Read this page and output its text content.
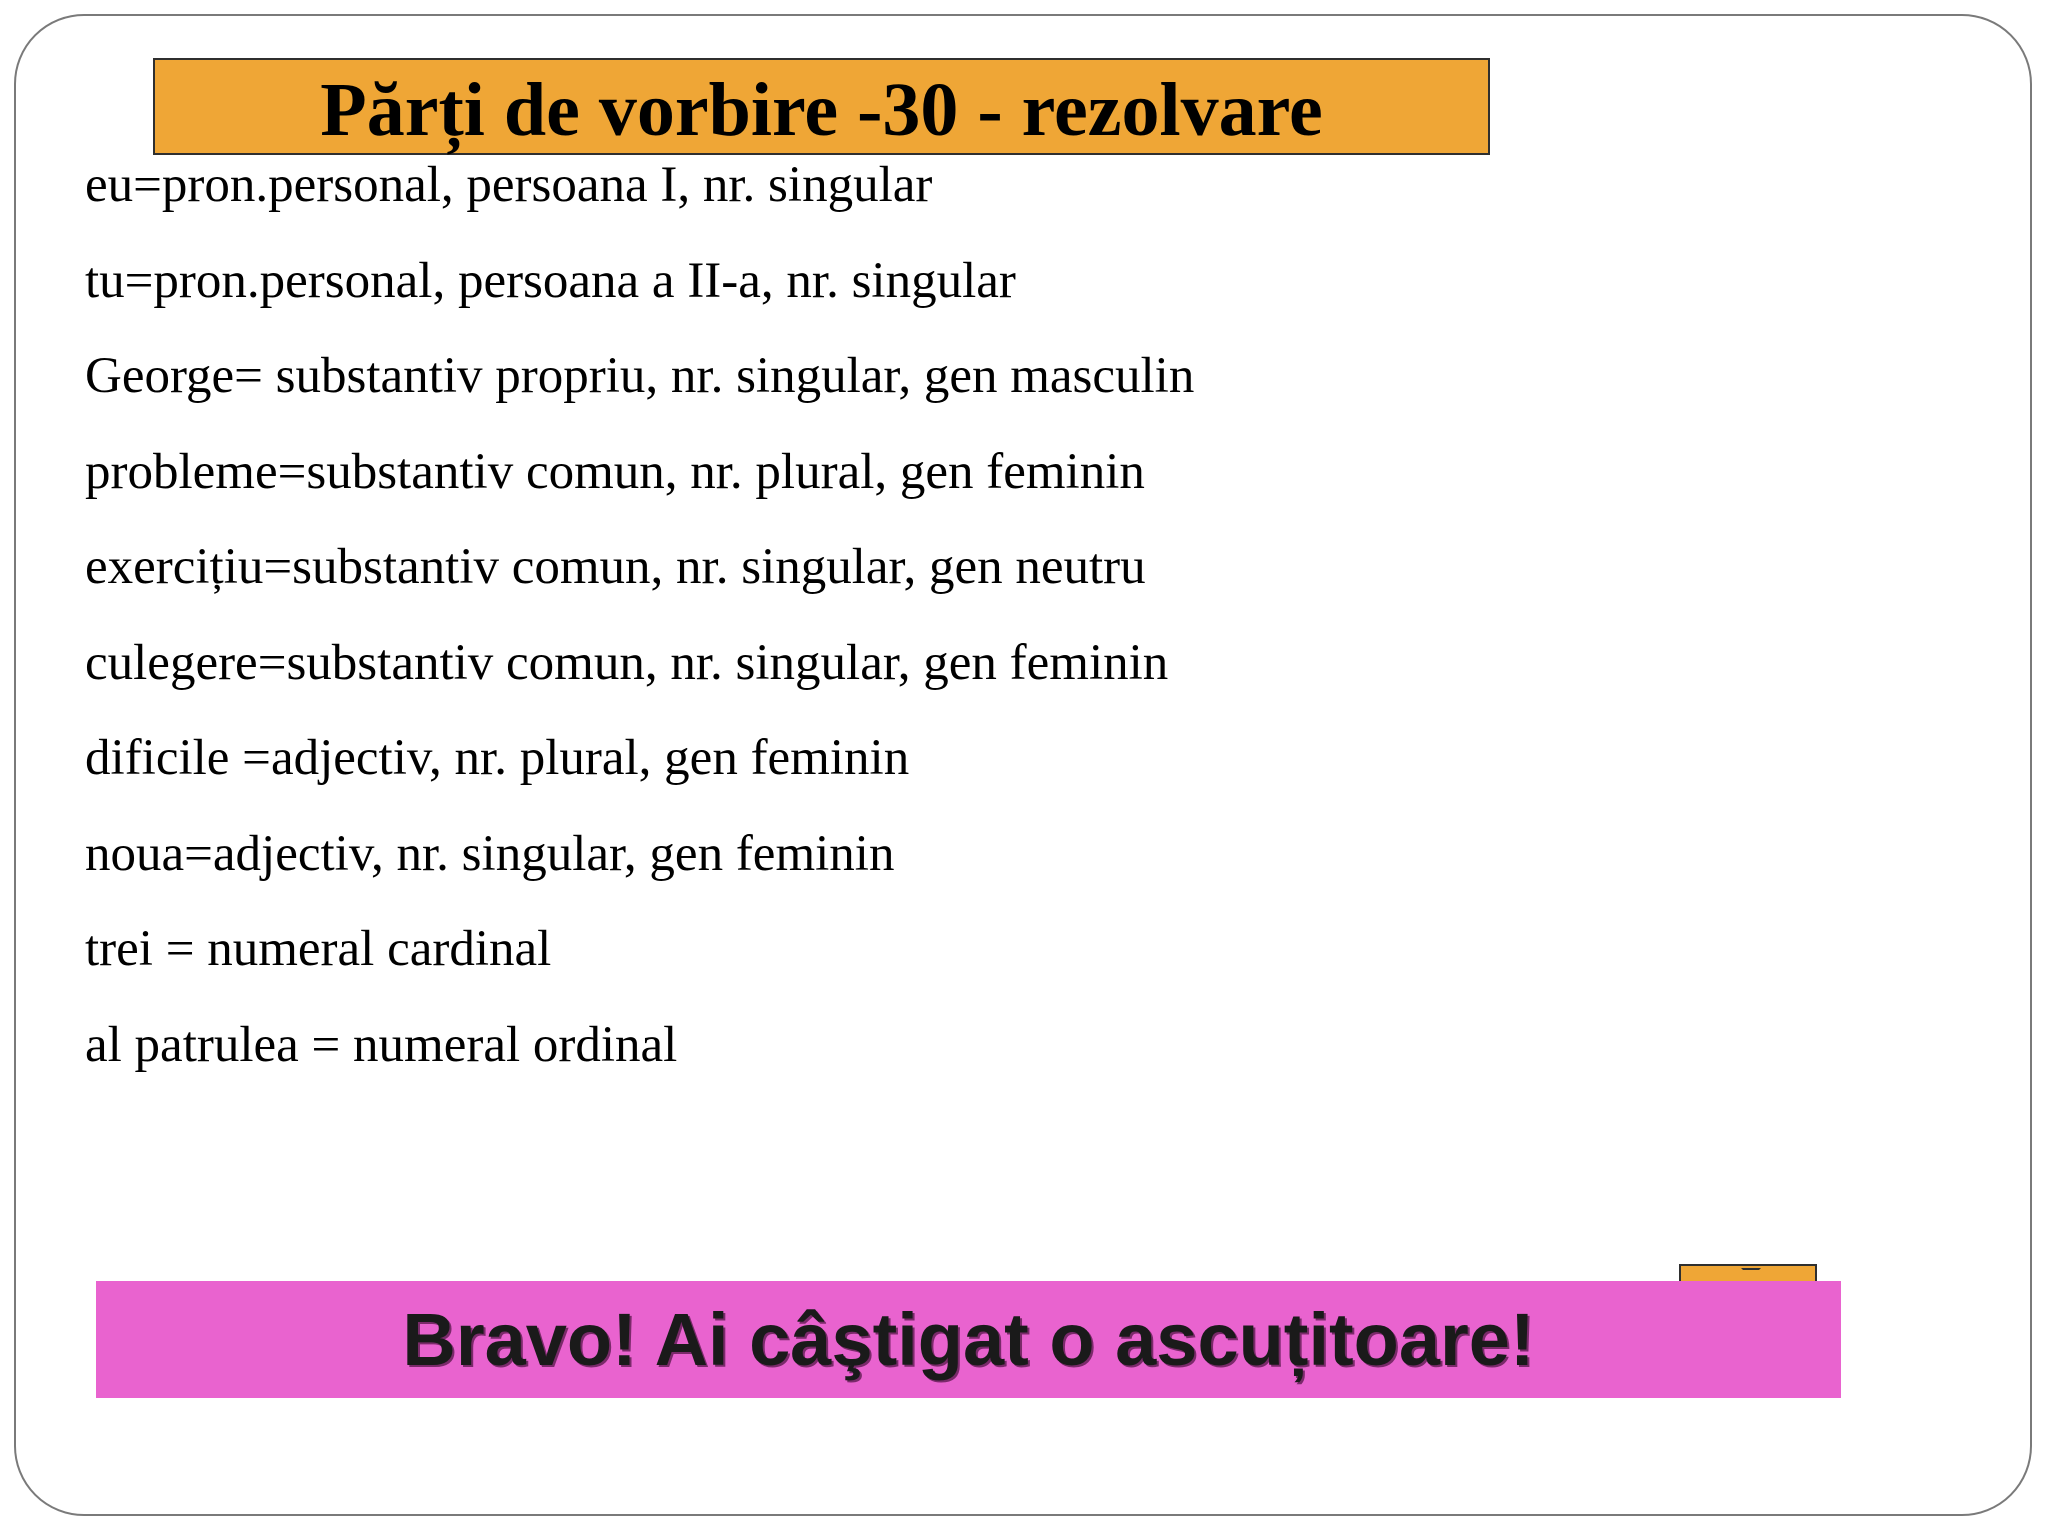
Părți de vorbire -30 - rezolvare
eu=pron.personal, persoana I, nr. singular
tu=pron.personal, persoana a II-a, nr. singular
George= substantiv propriu, nr. singular, gen masculin
probleme=substantiv comun, nr. plural, gen feminin
exercițiu=substantiv comun, nr. singular, gen neutru
culegere=substantiv comun, nr. singular, gen feminin
dificile =adjectiv, nr. plural, gen feminin
noua=adjectiv, nr. singular, gen feminin
trei = numeral cardinal
al patrulea = numeral ordinal
Bravo! Ai câştigat o ascuțitoare!
